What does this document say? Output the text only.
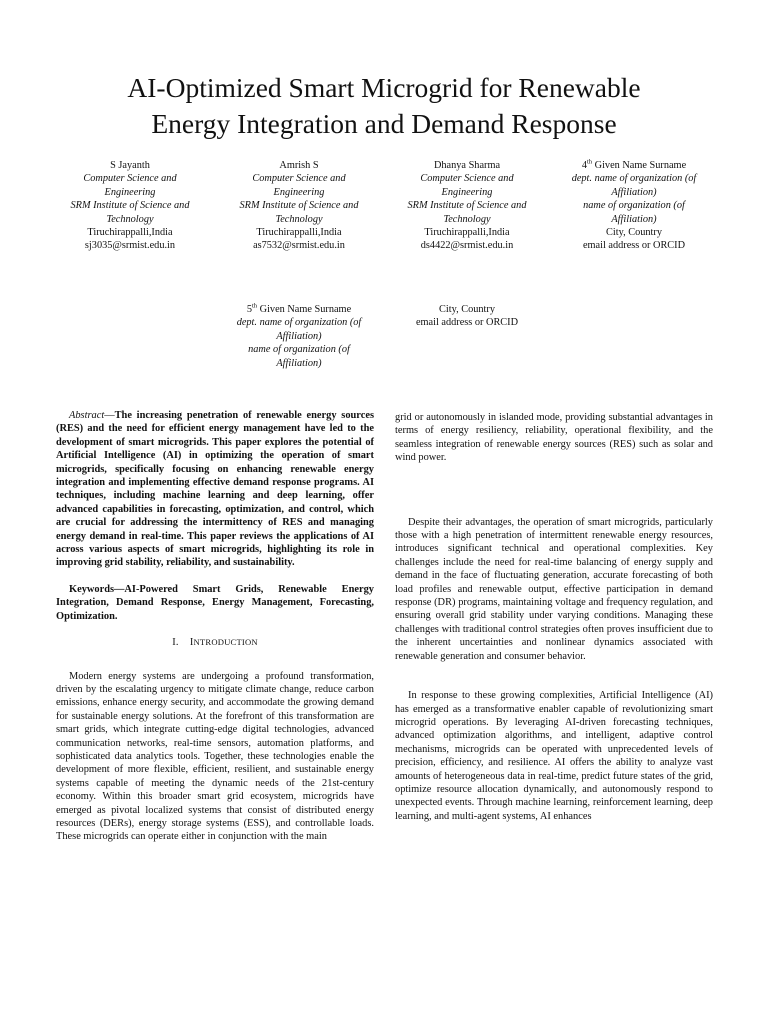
AI-Optimized Smart Microgrid for Renewable
Energy Integration and Demand Response
S Jayanth
Computer Science and
Engineering
SRM Institute of Science and
Technology
Tiruchirappalli,India
sj3035@srmist.edu.in
Amrish S
Computer Science and
Engineering
SRM Institute of Science and
Technology
Tiruchirappalli,India
as7532@srmist.edu.in
Dhanya Sharma
Computer Science and
Engineering
SRM Institute of Science and
Technology
Tiruchirappalli,India
ds4422@srmist.edu.in
4th Given Name Surname
dept. name of organization (of
Affiliation)
name of organization (of
Affiliation)
City, Country
email address or ORCID
5th Given Name Surname
dept. name of organization (of
Affiliation)
name of organization (of
Affiliation)
City, Country
email address or ORCID

Abstract—The increasing penetration of renewable energy sources (RES) and the need for efficient energy management have led to the development of smart microgrids. This paper explores the potential of Artificial Intelligence (AI) in optimizing the operation of smart microgrids, specifically focusing on enhancing renewable energy integration and implementing effective demand response programs. AI techniques, including machine learning and deep learning, offer advanced capabilities in forecasting, optimization, and control, which are crucial for addressing the intermittency of RES and managing energy demand in real-time. This paper reviews the applications of AI across various aspects of smart microgrids, highlighting its role in improving grid stability, reliability, and sustainability.

Keywords—AI-Powered Smart Grids, Renewable Energy Integration, Demand Response, Energy Management, Forecasting, Optimization.

I. INTRODUCTION

Modern energy systems are undergoing a profound transformation, driven by the escalating urgency to mitigate climate change, reduce carbon emissions, enhance energy security, and accommodate the growing demand for sustainable energy solutions. At the forefront of this transformation are smart grids, which integrate cutting-edge digital technologies, advanced communication networks, real-time sensors, automation platforms, and sophisticated data analytics tools. Together, these technologies enable the development of more flexible, efficient, resilient, and sustainable energy systems capable of meeting the dynamic needs of the 21st-century economy. Within this broader smart grid ecosystem, microgrids have emerged as pivotal localized systems that consist of distributed energy resources (DERs), energy storage systems (ESS), and controllable loads. These microgrids can operate either in conjunction with the main

grid or autonomously in islanded mode, providing substantial advantages in terms of energy resiliency, reliability, operational flexibility, and the seamless integration of renewable energy sources (RES) such as solar and wind power.

Despite their advantages, the operation of smart microgrids, particularly those with a high penetration of intermittent renewable energy resources, introduces significant technical and operational complexities. Key challenges include the need for real-time balancing of energy supply and demand in the face of fluctuating generation, accurate forecasting of both load profiles and renewable output, effective participation in demand response (DR) programs, maintaining voltage and frequency regulation, and ensuring overall grid stability under varying conditions. Managing these challenges with traditional control strategies often proves insufficient due to the inherent uncertainties and nonlinear dynamics associated with renewable generation and consumer behavior.

In response to these growing complexities, Artificial Intelligence (AI) has emerged as a transformative enabler capable of revolutionizing smart microgrid operations. By leveraging AI-driven forecasting techniques, advanced optimization algorithms, and intelligent, adaptive control mechanisms, microgrids can be operated with unprecedented levels of precision, efficiency, and resilience. AI offers the ability to analyze vast amounts of heterogeneous data in real-time, predict future states of the grid, optimize resource allocation dynamically, and autonomously respond to unexpected events. Through machine learning, reinforcement learning, deep learning, and multi-agent systems, AI enhances
